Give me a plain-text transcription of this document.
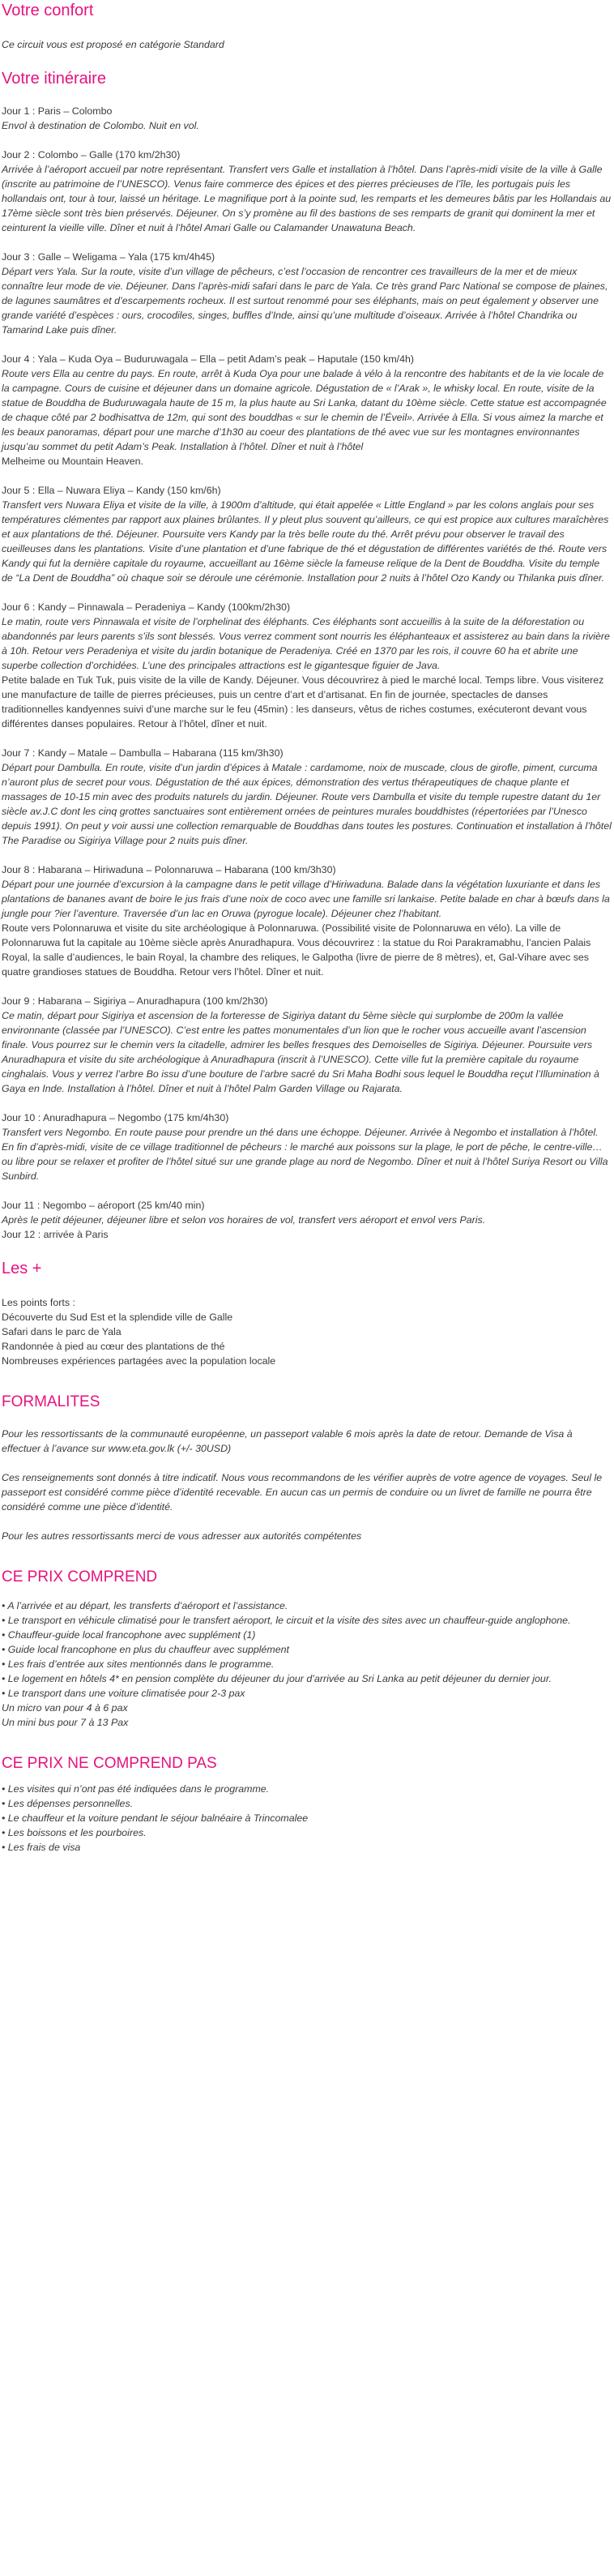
Votre confort

Ce circuit vous est proposé en catégorie Standard

Votre itinéraire

Jour 1 : Paris – Colombo

Envol à destination de Colombo. Nuit en vol.

Jour 2 : Colombo – Galle (170 km/2h30)

Arrivée à l’aéroport accueil par notre représentant. Transfert vers Galle et installation à l’hôtel. Dans l’après-midi visite de la ville à Galle (inscrite au patrimoine de l’UNESCO). Venus faire commerce des épices et des pierres précieuses de l’île, les portugais puis les hollandais ont, tour à tour, laissé un héritage. Le magnifique port à la pointe sud, les remparts et les demeures bâtis par les Hollandais au 17ème siècle sont très bien préservés. Déjeuner. On s’y promène au fil des bastions de ses remparts de granit qui dominent la mer et ceinturent la vieille ville. Dîner et nuit à l’hôtel Amari Galle ou Calamander Unawatuna Beach.

Jour 3 : Galle – Weligama – Yala (175 km/4h45)

Départ vers Yala. Sur la route, visite d’un village de pêcheurs, c’est l’occasion de rencontrer ces travailleurs de la mer et de mieux connaître leur mode de vie. Déjeuner. Dans l’après-midi safari dans le parc de Yala. Ce très grand Parc National se compose de plaines, de lagunes saumâtres et d’escarpements rocheux. Il est surtout renommé pour ses éléphants, mais on peut également y observer une grande variété d’espèces : ours, crocodiles, singes, buffles d’Inde, ainsi qu’une multitude d’oiseaux. Arrivée à l’hôtel Chandrika ou Tamarind Lake puis dîner.

Jour 4 : Yala – Kuda Oya – Buduruwagala – Ella – petit Adam’s peak – Haputale (150 km/4h)

Route vers Ella au centre du pays. En route, arrêt à Kuda Oya pour une balade à vélo à la rencontre des habitants et de la vie locale de la campagne. Cours de cuisine et déjeuner dans un domaine agricole. Dégustation de « l’Arak », le whisky local. En route, visite de la statue de Bouddha de Buduruwagala haute de 15 m, la plus haute au Sri Lanka, datant du 10ème siècle. Cette statue est accompagnée de chaque côté par 2 bodhisattva de 12m, qui sont des bouddhas « sur le chemin de l’Éveil». Arrivée à Ella. Si vous aimez la marche et les beaux panoramas, départ pour une marche d’1h30 au coeur des plantations de thé avec vue sur les montagnes environnantes jusqu’au sommet du petit Adam’s Peak. Installation à l’hôtel. Dîner et nuit à l’hôtel

Melheime ou Mountain Heaven.

Jour 5 : Ella – Nuwara Eliya – Kandy (150 km/6h)

Transfert vers Nuwara Eliya et visite de la ville, à 1900m d’altitude, qui était appelée « Little England » par les colons anglais pour ses températures clémentes par rapport aux plaines brûlantes. Il y pleut plus souvent qu’ailleurs, ce qui est propice aux cultures maraîchères et aux plantations de thé. Déjeuner. Poursuite vers Kandy par la très belle route du thé. Arrêt prévu pour observer le travail des cueilleuses dans les plantations. Visite d’une plantation et d’une fabrique de thé et dégustation de différentes variétés de thé. Route vers Kandy qui fut la dernière capitale du royaume, accueillant au 16ème siècle la fameuse relique de la Dent de Bouddha. Visite du temple de “La Dent de Bouddha” où chaque soir se déroule une cérémonie. Installation pour 2 nuits à l’hôtel Ozo Kandy ou Thilanka puis dîner.

Jour 6 : Kandy – Pinnawala – Peradeniya – Kandy (100km/2h30)

Le matin, route vers Pinnawala et visite de l’orphelinat des éléphants. Ces éléphants sont accueillis à la suite de la déforestation ou abandonnés par leurs parents s’ils sont blessés. Vous verrez comment sont nourris les éléphanteaux et assisterez au bain dans la rivière à 10h. Retour vers Peradeniya et visite du jardin botanique de Peradeniya. Créé en 1370 par les rois, il couvre 60 ha et abrite une superbe collection d’orchidées. L’une des principales attractions est le gigantesque figuier de Java.

Petite balade en Tuk Tuk, puis visite de la ville de Kandy. Déjeuner. Vous découvrirez à pied le marché local. Temps libre. Vous visiterez une manufacture de taille de pierres précieuses, puis un centre d’art et d’artisanat. En fin de journée, spectacles de danses traditionnelles kandyennes suivi d’une marche sur le feu (45min) : les danseurs, vêtus de riches costumes, exécuteront devant vous différentes danses populaires. Retour à l’hôtel, dîner et nuit.

Jour 7 : Kandy – Matale – Dambulla – Habarana (115 km/3h30)

Départ pour Dambulla. En route, visite d’un jardin d’épices à Matale : cardamome, noix de muscade, clous de girofle, piment, curcuma n’auront plus de secret pour vous. Dégustation de thé aux épices, démonstration des vertus thérapeutiques de chaque plante et massages de 10-15 min avec des produits naturels du jardin. Déjeuner. Route vers Dambulla et visite du temple rupestre datant du 1er siècle av.J.C dont les cinq grottes sanctuaires sont entièrement ornées de peintures murales bouddhistes (répertoriées par l’Unesco depuis 1991). On peut y voir aussi une collection remarquable de Bouddhas dans toutes les postures. Continuation et installation à l’hôtel The Paradise ou Sigiriya Village pour 2 nuits puis dîner.

Jour 8 : Habarana – Hiriwaduna – Polonnaruwa – Habarana (100 km/3h30)

Départ pour une journée d’excursion à la campagne dans le petit village d’Hiriwaduna. Balade dans la végétation luxuriante et dans les plantations de bananes avant de boire le jus frais d’une noix de coco avec une famille sri lankaise. Petite balade en char à bœufs dans la jungle pour ?ier l’aventure. Traversée d’un lac en Oruwa (pyrogue locale). Déjeuner chez l’habitant.

Route vers Polonnaruwa et visite du site archéologique à Polonnaruwa. (Possibilité visite de Polonnaruwa en vélo). La ville de Polonnaruwa fut la capitale au 10ème siècle après Anuradhapura. Vous découvrirez : la statue du Roi Parakramabhu, l’ancien Palais Royal, la salle d’audiences, le bain Royal, la chambre des reliques, le Galpotha (livre de pierre de 8 mètres), et, Gal-Vihare avec ses quatre grandioses statues de Bouddha. Retour vers l’hôtel. Dîner et nuit.

Jour 9 : Habarana – Sigiriya – Anuradhapura (100 km/2h30)

Ce matin, départ pour Sigiriya et ascension de la forteresse de Sigiriya datant du 5ème siècle qui surplombe de 200m la vallée environnante (classée par l’UNESCO). C’est entre les pattes monumentales d’un lion que le rocher vous accueille avant l’ascension finale. Vous pourrez sur le chemin vers la citadelle, admirer les belles fresques des Demoiselles de Sigiriya. Déjeuner. Poursuite vers Anuradhapura et visite du site archéologique à Anuradhapura (inscrit à l’UNESCO). Cette ville fut la première capitale du royaume cinghalais. Vous y verrez l’arbre Bo issu d’une bouture de l’arbre sacré du Sri Maha Bodhi sous lequel le Bouddha reçut l’Illumination à Gaya en Inde. Installation à l’hôtel. Dîner et nuit à l’hôtel Palm Garden Village ou Rajarata.

Jour 10 : Anuradhapura – Negombo (175 km/4h30)

Transfert vers Negombo. En route pause pour prendre un thé dans une échoppe. Déjeuner. Arrivée à Negombo et installation à l’hôtel. En fin d’après-midi, visite de ce village traditionnel de pêcheurs : le marché aux poissons sur la plage, le port de pêche, le centre-ville… ou libre pour se relaxer et profiter de l’hôtel situé sur une grande plage au nord de Negombo. Dîner et nuit à l’hôtel Suriya Resort ou Villa Sunbird.

Jour 11 : Negombo – aéroport (25 km/40 min)

Après le petit déjeuner, déjeuner libre et selon vos horaires de vol, transfert vers aéroport et envol vers Paris.

Jour 12 : arrivée à Paris

Les +

Les points forts :

Découverte du Sud Est et la splendide ville de Galle
Safari dans le parc de Yala
Randonnée à pied au cœur des plantations de thé
Nombreuses expériences partagées avec la population locale
FORMALITES

Pour les ressortissants de la communauté européenne, un passeport valable 6 mois après la date de retour. Demande de Visa à effectuer à l’avance sur www.eta.gov.lk (+/- 30USD)

Ces renseignements sont donnés à titre indicatif. Nous vous recommandons de les vérifier auprès de votre agence de voyages. Seul le passeport est considéré comme pièce d’identité recevable. En aucun cas un permis de conduire ou un livret de famille ne pourra être considéré comme une pièce d’identité.

Pour les autres ressortissants merci de vous adresser aux autorités compétentes

CE PRIX COMPREND
• A l’arrivée et au départ, les transferts d’aéroport et l’assistance.
• Le transport en véhicule climatisé pour le transfert aéroport, le circuit et la visite des sites avec un chauffeur-guide anglophone.
• Chauffeur-guide local francophone avec supplément (1)
• Guide local francophone en plus du chauffeur avec supplément
• Les frais d’entrée aux sites mentionnés dans le programme.
• Le logement en hôtels 4* en pension complète du déjeuner du jour d’arrivée au Sri Lanka au petit déjeuner du dernier jour.
• Le transport dans une voiture climatisée pour 2-3 pax
Un micro van pour 4 à 6 pax
Un mini bus pour 7 à 13 Pax
CE PRIX NE COMPREND PAS
• Les visites qui n’ont pas été indiquées dans le programme.
• Les dépenses personnelles.
• Le chauffeur et la voiture pendant le séjour balnéaire à Trincomalee
• Les boissons et les pourboires.
• Les frais de visa
